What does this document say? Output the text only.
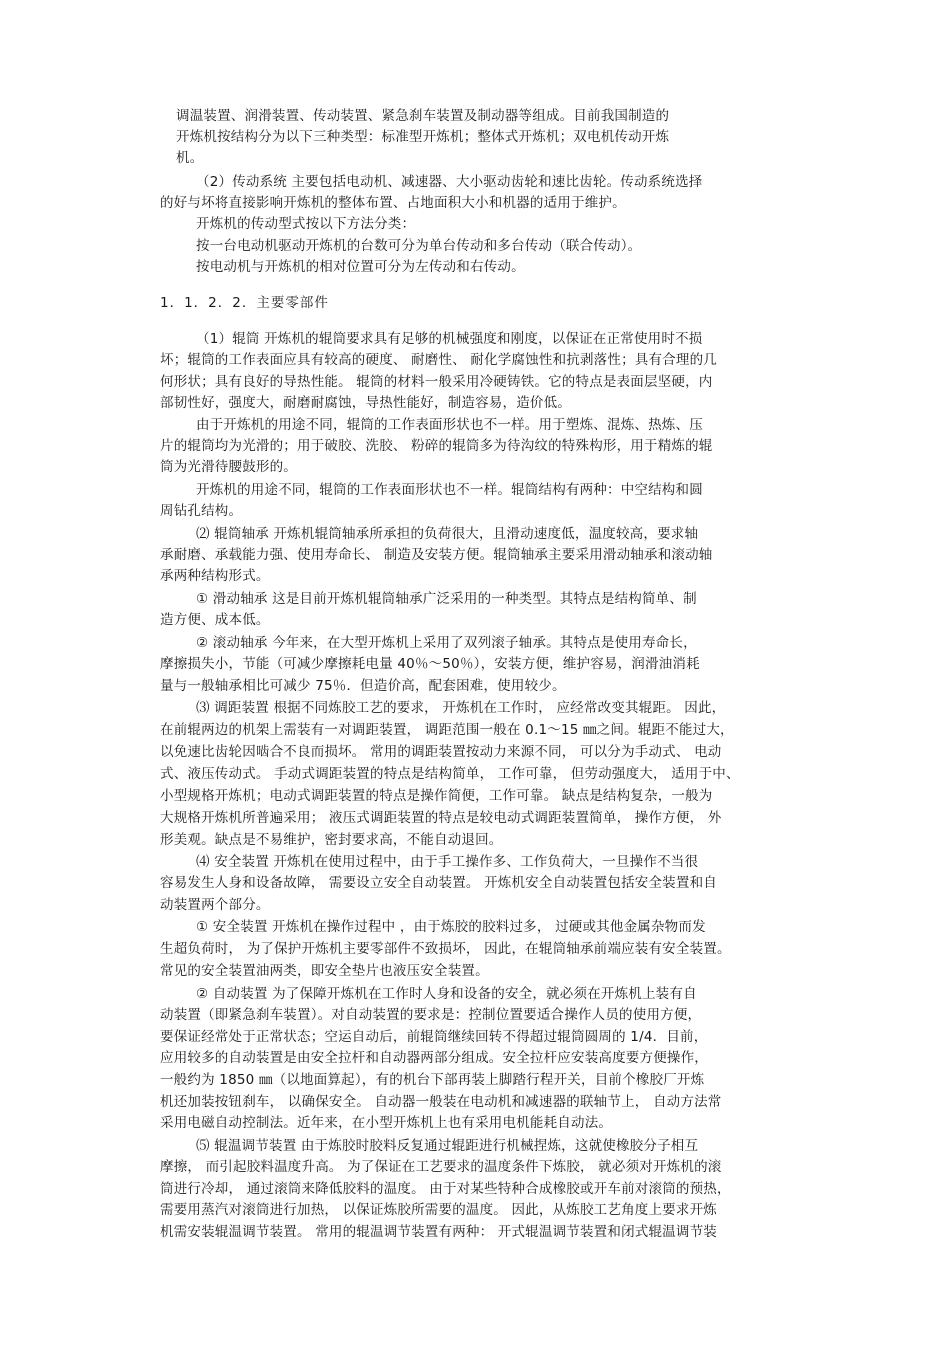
调温装置、润滑装置、传动装置、紧急刹车装置及制动器等组成。目前我国制造的

开炼机按结构分为以下三种类型：标准型开炼机；整体式开炼机；双电机传动开炼

机。

（2）传动系统 主要包括电动机、减速器、大小驱动齿轮和速比齿轮。传动系统选择

的好与坏将直接影响开炼机的整体布置、占地面积大小和机器的适用于维护。

开炼机的传动型式按以下方法分类：

按一台电动机驱动开炼机的台数可分为单台传动和多台传动（联合传动）。

按电动机与开炼机的相对位置可分为左传动和右传动。

1．1．2．2．主要零部件

（1）辊筒 开炼机的辊筒要求具有足够的机械强度和刚度，以保证在正常使用时不损

坏；辊筒的工作表面应具有较高的硬度、 耐磨性、 耐化学腐蚀性和抗剥落性；具有合理的几

何形状；具有良好的导热性能。 辊筒的材料一般采用冷硬铸铁。它的特点是表面层坚硬，内

部韧性好，强度大，耐磨耐腐蚀，导热性能好，制造容易，造价低。

由于开炼机的用途不同，辊筒的工作表面形状也不一样。用于塑炼、混炼、热炼、压

片的辊筒均为光滑的；用于破胶、洗胶、 粉碎的辊筒多为待沟纹的特殊构形，用于精炼的辊

筒为光滑待腰鼓形的。

开炼机的用途不同，辊筒的工作表面形状也不一样。辊筒结构有两种：中空结构和圆

周钻孔结构。

⑵ 辊筒轴承 开炼机辊筒轴承所承担的负荷很大，且滑动速度低，温度较高，要求轴

承耐磨、承载能力强、使用寿命长、 制造及安装方便。辊筒轴承主要采用滑动轴承和滚动轴

承两种结构形式。

① 滑动轴承 这是目前开炼机辊筒轴承广泛采用的一种类型。其特点是结构简单、制

造方便、成本低。

② 滚动轴承 今年来，在大型开炼机上采用了双列滚子轴承。其特点是使用寿命长，

摩擦损失小，节能（可减少摩擦耗电量 40％～50％），安装方便，维护容易，润滑油消耗

量与一般轴承相比可减少 75％．但造价高，配套困难，使用较少。

⑶ 调距装置 根据不同炼胶工艺的要求， 开炼机在工作时， 应经常改变其辊距。 因此，

在前辊两边的机架上需装有一对调距装置， 调距范围一般在 0.1～15 ㎜之间。辊距不能过大，

以免速比齿轮因啮合不良而损坏。 常用的调距装置按动力来源不同， 可以分为手动式、 电动

式、液压传动式。 手动式调距装置的特点是结构简单， 工作可靠， 但劳动强度大， 适用于中、

小型规格开炼机；电动式调距装置的特点是操作简便，工作可靠。 缺点是结构复杂，一般为

大规格开炼机所普遍采用； 液压式调距装置的特点是较电动式调距装置简单， 操作方便， 外

形美观。缺点是不易维护，密封要求高，不能自动退回。

⑷ 安全装置 开炼机在使用过程中，由于手工操作多、工作负荷大，一旦操作不当很

容易发生人身和设备故障， 需要设立安全自动装置。 开炼机安全自动装置包括安全装置和自

动装置两个部分。

① 安全装置 开炼机在操作过程中 ，由于炼胶的胶料过多， 过硬或其他金属杂物而发

生超负荷时， 为了保护开炼机主要零部件不致损坏， 因此，在辊筒轴承前端应装有安全装置。

常见的安全装置油两类，即安全垫片也液压安全装置。

② 自动装置 为了保障开炼机在工作时人身和设备的安全，就必须在开炼机上装有自

动装置（即紧急刹车装置）。对自动装置的要求是：控制位置要适合操作人员的使用方便，

要保证经常处于正常状态；空运自动后，前辊筒继续回转不得超过辊筒圆周的 1/4．目前，

应用较多的自动装置是由安全拉杆和自动器两部分组成。安全拉杆应安装高度要方便操作，

一般约为 1850 ㎜（以地面算起），有的机台下部再装上脚踏行程开关，目前个橡胶厂开炼

机还加装按钮刹车， 以确保安全。 自动器一般装在电动机和减速器的联轴节上， 自动方法常

采用电磁自动控制法。近年来，在小型开炼机上也有采用电机能耗自动法。

⑸ 辊温调节装置 由于炼胶时胶料反复通过辊距进行机械捏炼，这就使橡胶分子相互

摩擦， 而引起胶料温度升高。 为了保证在工艺要求的温度条件下炼胶， 就必须对开炼机的滚

筒进行冷却， 通过滚筒来降低胶料的温度。 由于对某些特种合成橡胶或开车前对滚筒的预热，

需要用蒸汽对滚筒进行加热， 以保证炼胶所需要的温度。 因此，从炼胶工艺角度上要求开炼

机需安装辊温调节装置。 常用的辊温调节装置有两种： 开式辊温调节装置和闭式辊温调节装
